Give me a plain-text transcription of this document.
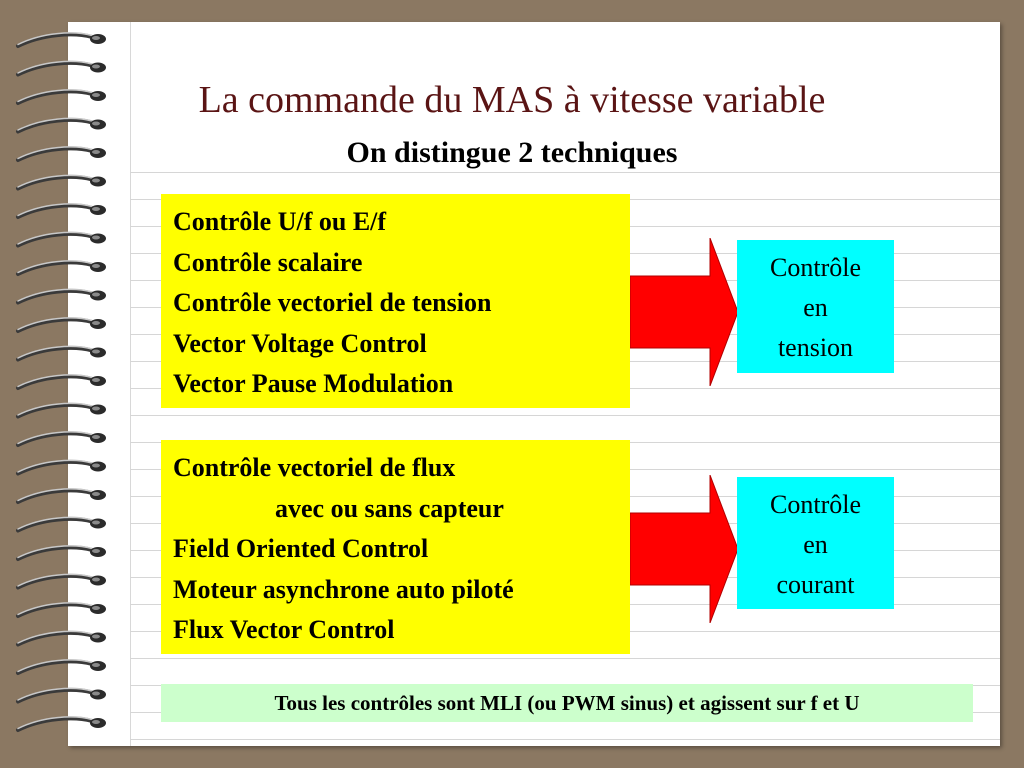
La commande du MAS à vitesse variable
On distingue 2 techniques
Contrôle U/f ou E/f
Contrôle scalaire
Contrôle vectoriel de tension
Vector Voltage Control
Vector Pause Modulation
Contrôle
en
tension
Contrôle vectoriel de flux
avec ou sans capteur
Field Oriented Control
Moteur asynchrone auto piloté
Flux Vector Control
Contrôle
en
courant
Tous les contrôles sont MLI (ou PWM sinus) et agissent sur f et U
